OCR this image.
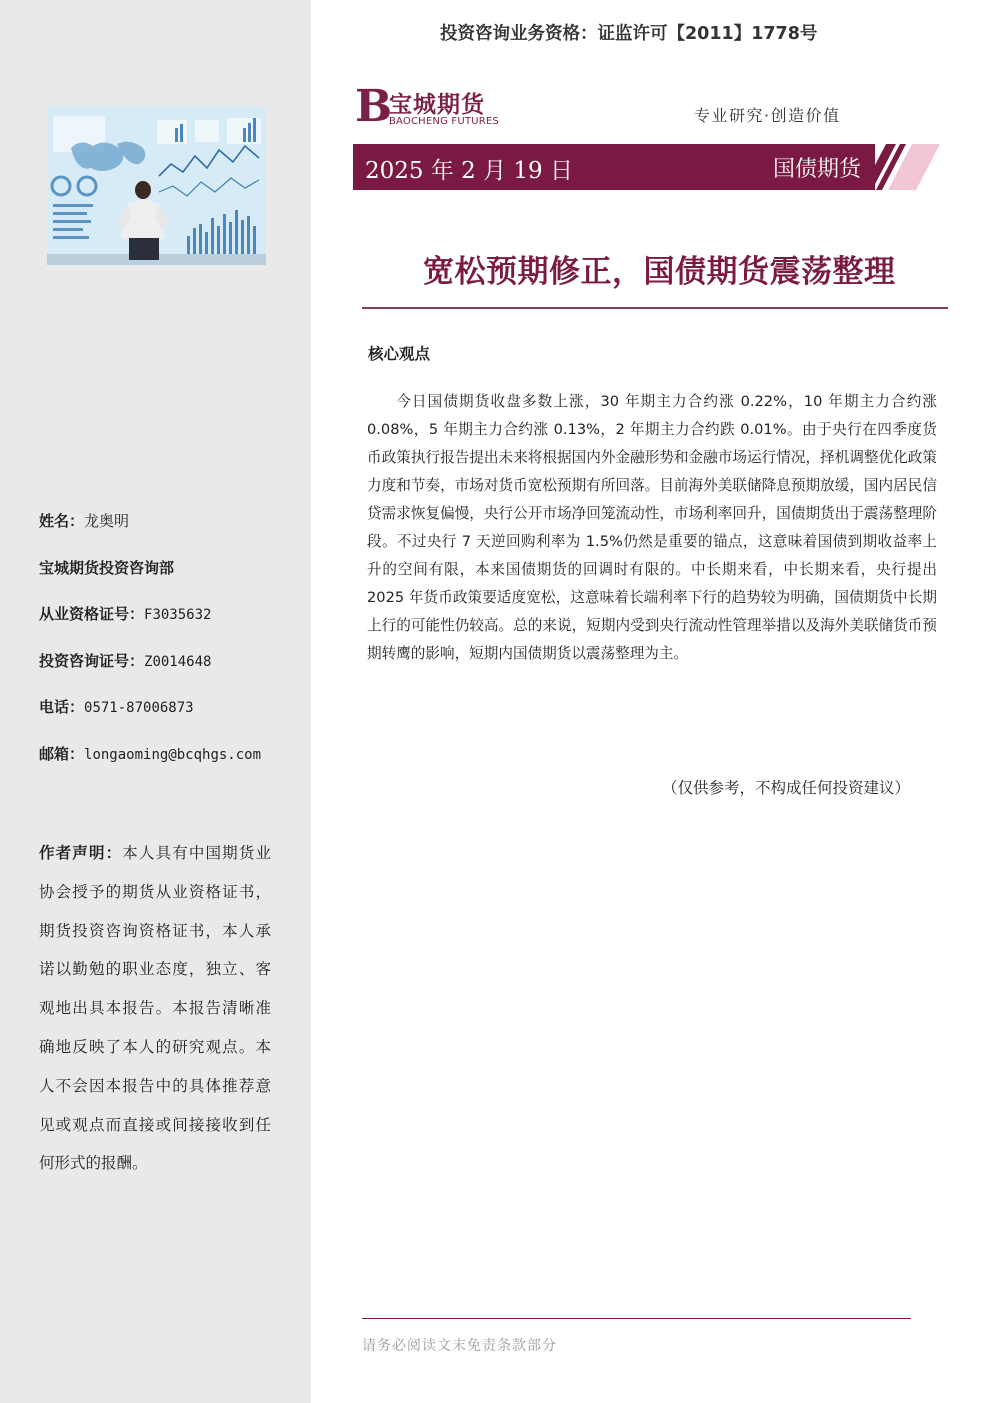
姓名：龙奥明
宝城期货投资咨询部
从业资格证号：F3035632
投资咨询证号：Z0014648
电话：0571-87006873
邮箱：longaoming@bcqhgs.com
作者声明：本人具有中国期货业协会授予的期货从业资格证书，期货投资咨询资格证书，本人承诺以勤勉的职业态度，独立、客观地出具本报告。本报告清晰准确地反映了本人的研究观点。本人不会因本报告中的具体推荐意见或观点而直接或间接接收到任何形式的报酬。
投资咨询业务资格：证监许可【2011】1778号
B
宝城期货
BAOCHENG FUTURES	专业研究·创造价值
2025 年 2 月 19 日	国债期货
宽松预期修正，国债期货震荡整理
核心观点
今日国债期货收盘多数上涨，30 年期主力合约涨 0.22%，10 年期主力合约涨 0.08%，5 年期主力合约涨 0.13%，2 年期主力合约跌 0.01%。由于央行在四季度货币政策执行报告提出未来将根据国内外金融形势和金融市场运行情况，择机调整优化政策力度和节奏，市场对货币宽松预期有所回落。目前海外美联储降息预期放缓，国内居民信贷需求恢复偏慢，央行公开市场净回笼流动性，市场利率回升，国债期货出于震荡整理阶段。不过央行 7 天逆回购利率为 1.5%仍然是重要的锚点，这意味着国债到期收益率上升的空间有限，本来国债期货的回调时有限的。中长期来看，中长期来看，央行提出 2025 年货币政策要适度宽松，这意味着长端利率下行的趋势较为明确，国债期货中长期上行的可能性仍较高。总的来说，短期内受到央行流动性管理举措以及海外美联储货币预期转鹰的影响，短期内国债期货以震荡整理为主。
（仅供参考，不构成任何投资建议）
请务必阅读文末免责条款部分
